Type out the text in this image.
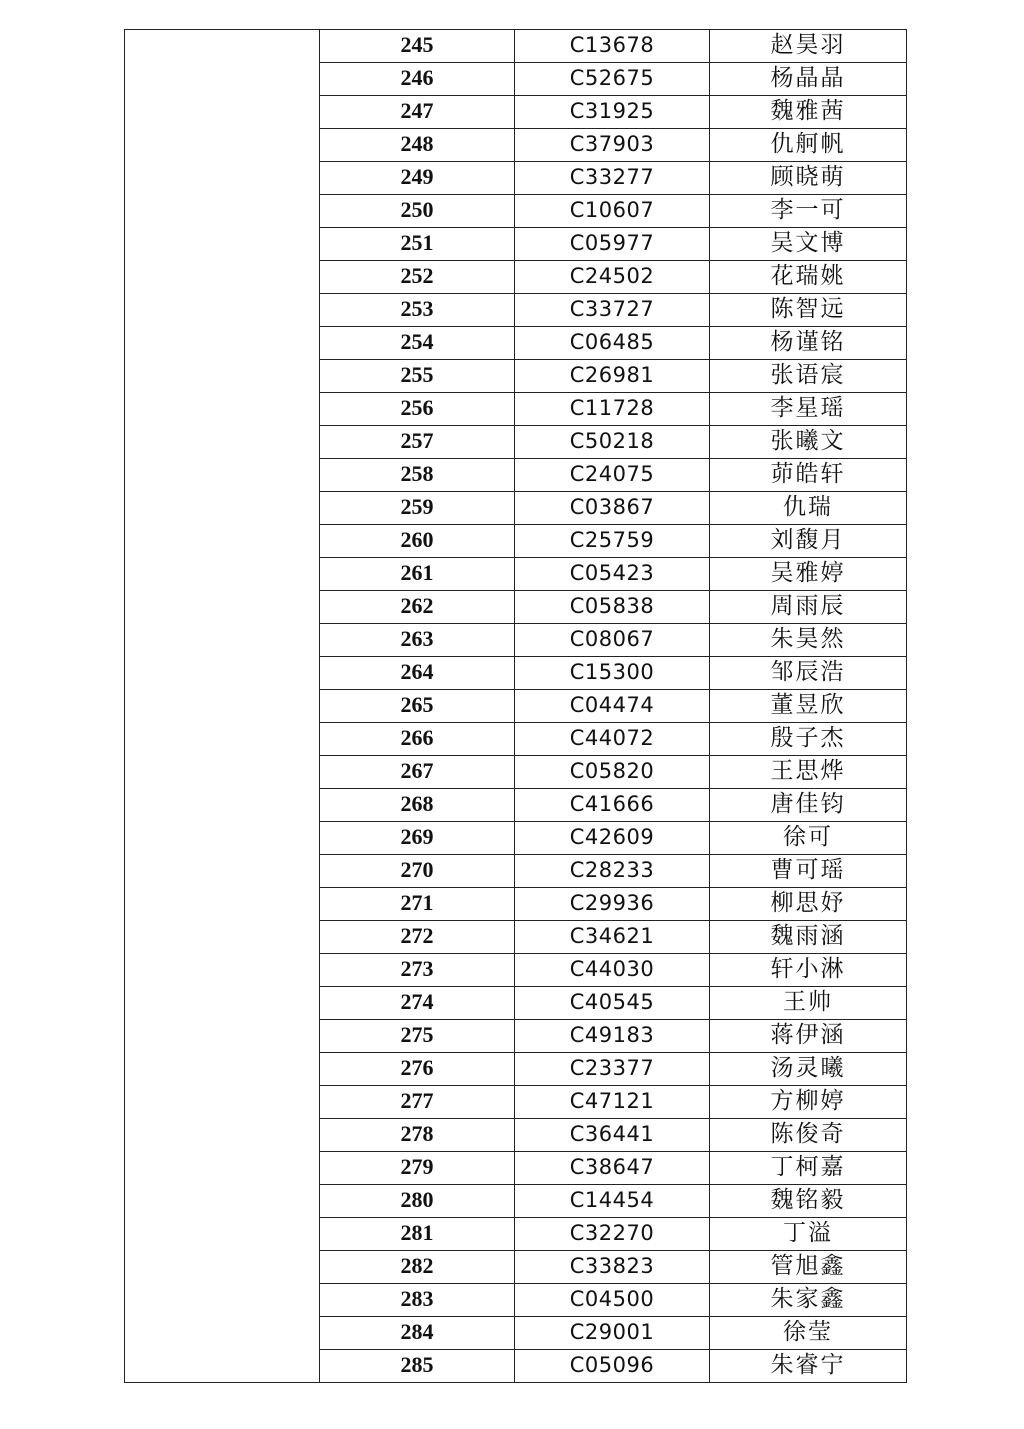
	245	C13678	赵昊羽
	246	C52675	杨晶晶
	247	C31925	魏雅茜
	248	C37903	仇舸帆
	249	C33277	顾晓萌
	250	C10607	李一可
	251	C05977	吴文博
	252	C24502	花瑞姚
	253	C33727	陈智远
	254	C06485	杨谨铭
	255	C26981	张语宸
	256	C11728	李星瑶
	257	C50218	张曦文
	258	C24075	茆皓轩
	259	C03867	仇瑞
	260	C25759	刘馥月
	261	C05423	吴雅婷
	262	C05838	周雨辰
	263	C08067	朱昊然
	264	C15300	邹辰浩
	265	C04474	董昱欣
	266	C44072	殷子杰
	267	C05820	王思烨
	268	C41666	唐佳钧
	269	C42609	徐可
	270	C28233	曹可瑶
	271	C29936	柳思妤
	272	C34621	魏雨涵
	273	C44030	轩小淋
	274	C40545	王帅
	275	C49183	蒋伊涵
	276	C23377	汤灵曦
	277	C47121	方柳婷
	278	C36441	陈俊奇
	279	C38647	丁柯嘉
	280	C14454	魏铭毅
	281	C32270	丁溢
	282	C33823	管旭鑫
	283	C04500	朱家鑫
	284	C29001	徐莹
	285	C05096	朱睿宁
